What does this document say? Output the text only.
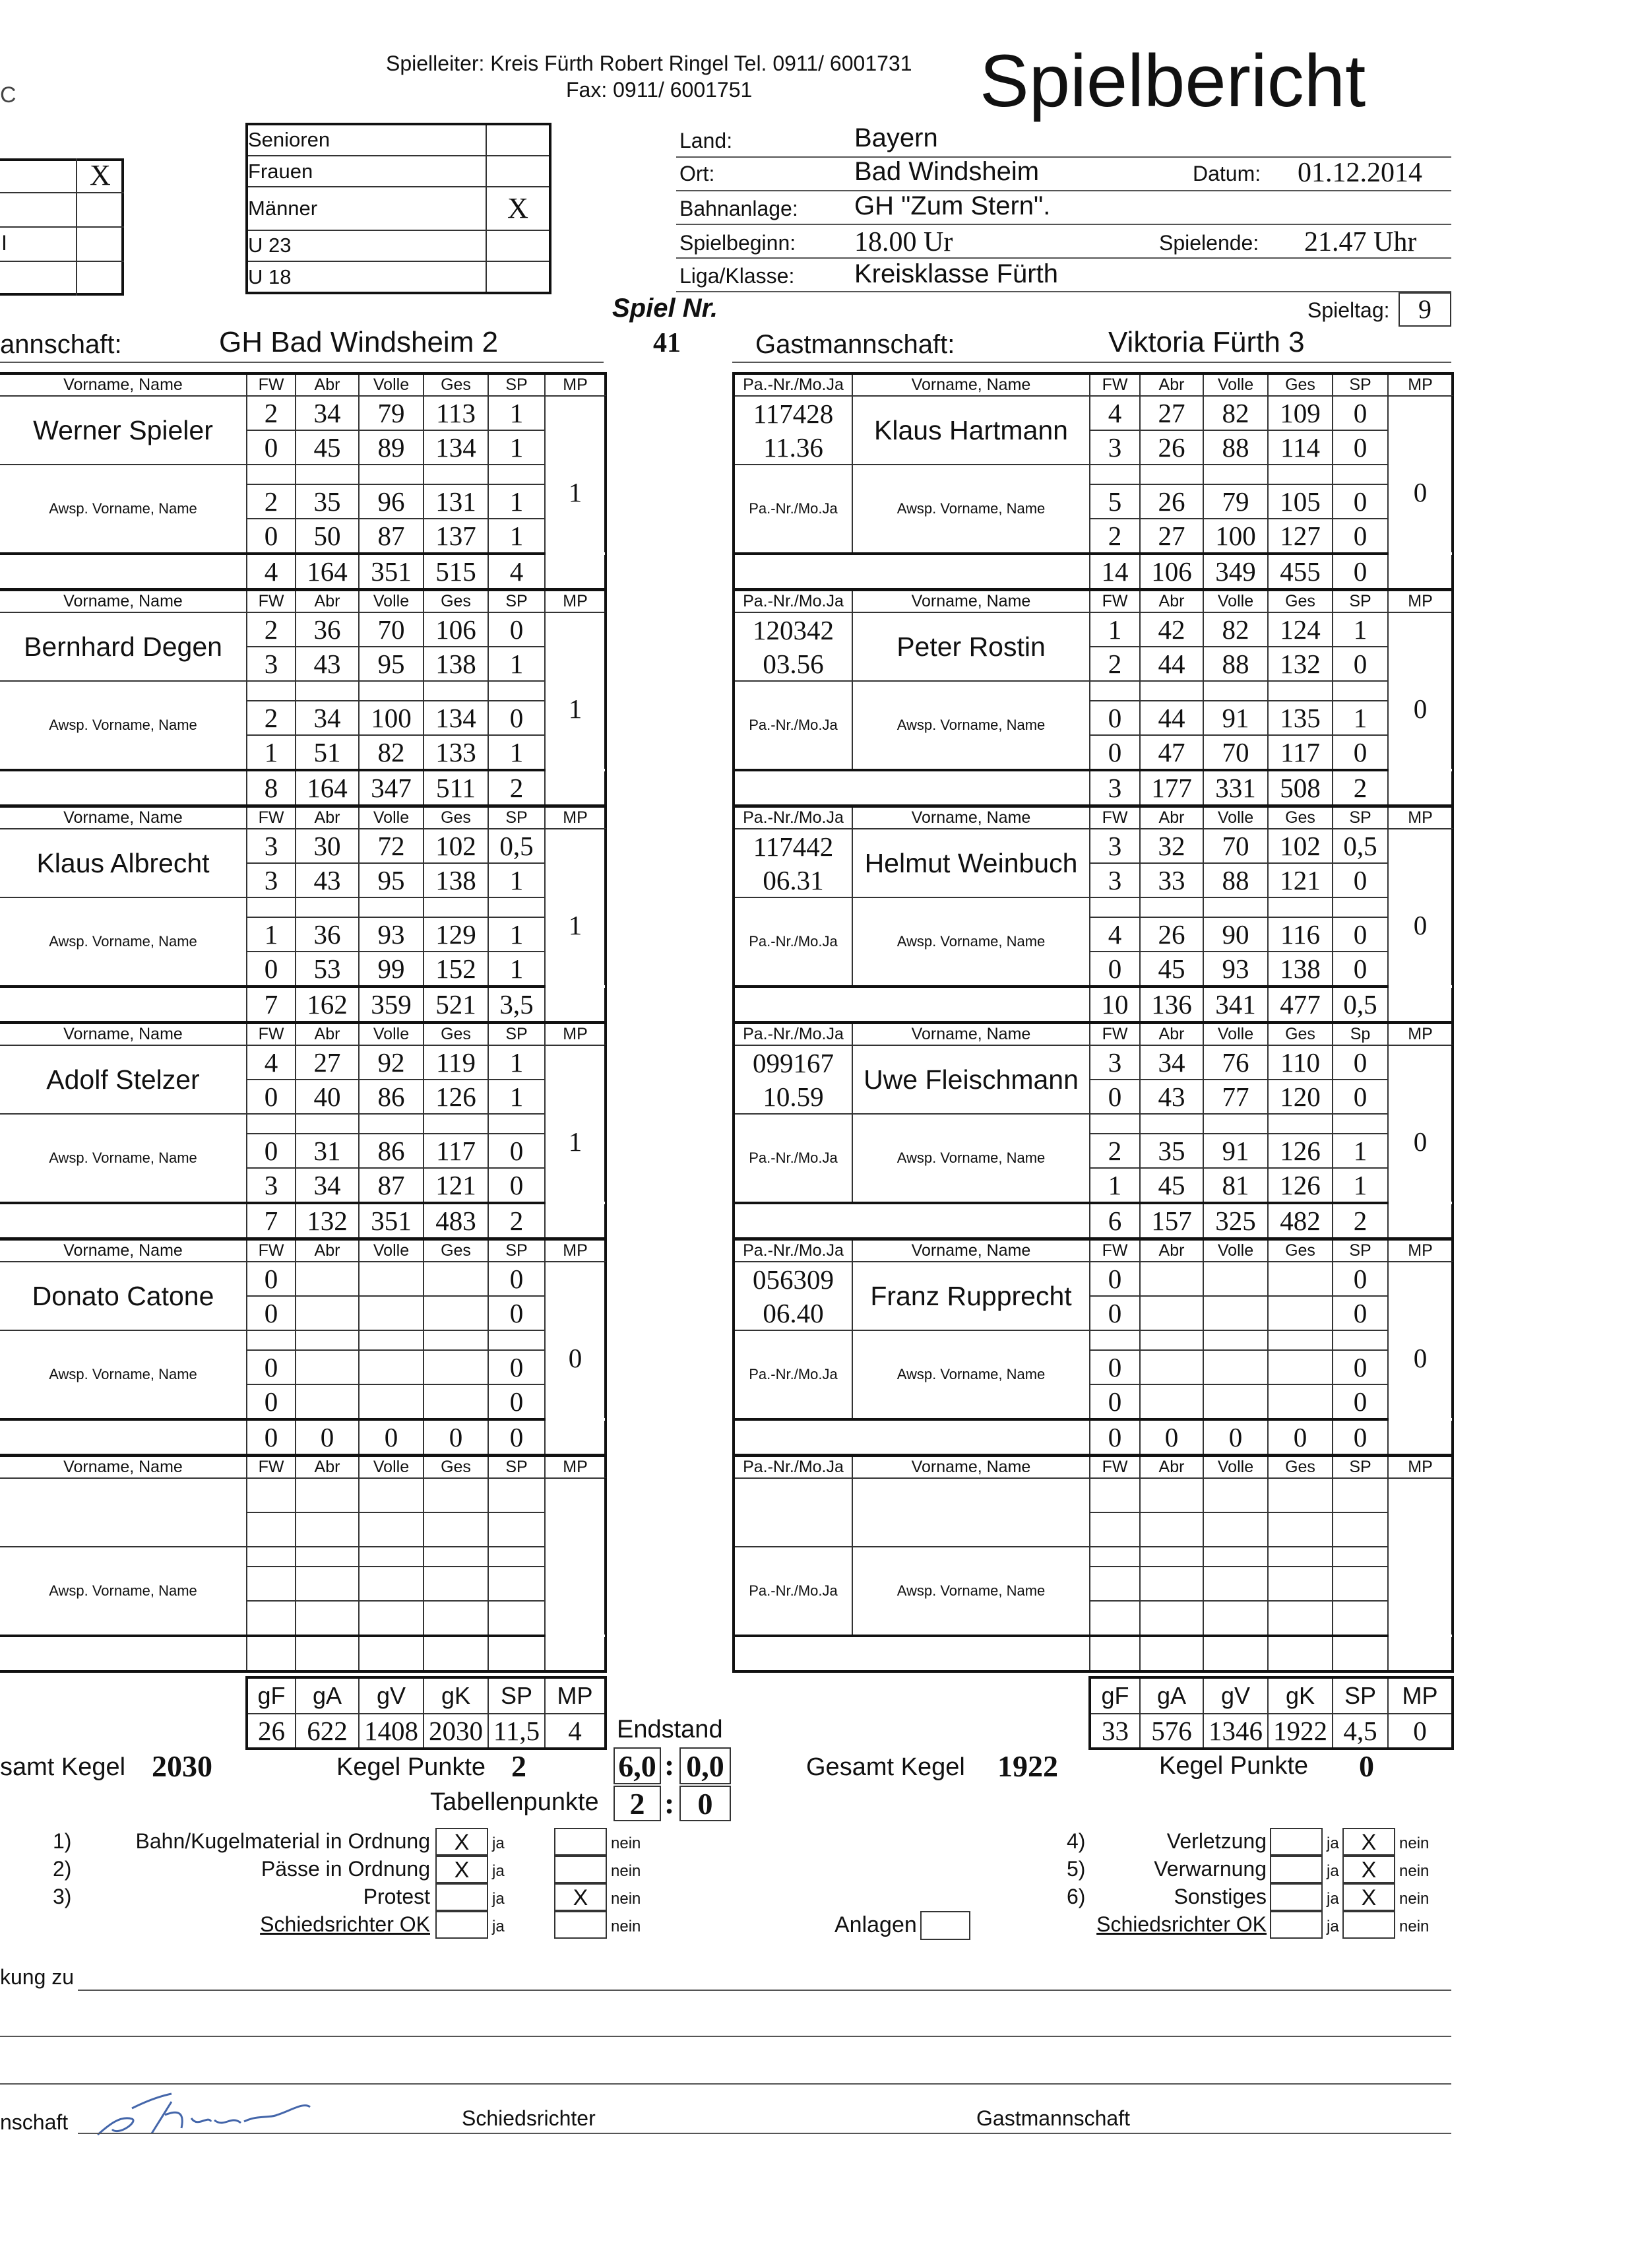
C
Spielleiter: Kreis Fürth Robert Ringel Tel. 0911/ 6001731
Fax: 0911/ 6001751	Spielbericht
X
I
Senioren	
Frauen	
Männer	X
U 23	
U 18	
Land:	Bayern
Ort:	Bad Windsheim	Datum: 01.12.2014
Bahnanlage: GH "Zum Stern".
Spielbeginn: 18.00 Ur	Spielende: 21.47 Uhr
Liga/Klasse: Kreisklasse Fürth
Spiel Nr.
41
Spieltag:	9
annschaft:	GH Bad Windsheim 2	Gastmannschaft:	Viktoria Fürth 3
Vorname, Name	FW	Abr	Volle	Ges	SP	MP	
Werner Spieler	2	34	79	113	1	1	
	0	45	89	134	1		
Awsp. Vorname, Name							
	2	35	96	131	1		
	0	50	87	137	1		
	4	164	351	515	4		
Vorname, Name	FW	Abr	Volle	Ges	SP	MP	
Bernhard Degen	2	36	70	106	0	1	
	3	43	95	138	1		
Awsp. Vorname, Name							
	2	34	100	134	0		
	1	51	82	133	1		
	8	164	347	511	2		
Vorname, Name	FW	Abr	Volle	Ges	SP	MP	
Klaus Albrecht	3	30	72	102	0,5	1	
	3	43	95	138	1		
Awsp. Vorname, Name							
	1	36	93	129	1		
	0	53	99	152	1		
	7	162	359	521	3,5		
Vorname, Name	FW	Abr	Volle	Ges	SP	MP	
Adolf Stelzer	4	27	92	119	1	1	
	0	40	86	126	1		
Awsp. Vorname, Name							
	0	31	86	117	0		
	3	34	87	121	0		
	7	132	351	483	2		
Vorname, Name	FW	Abr	Volle	Ges	SP	MP	
Donato Catone	0				0	0	
	0				0		
Awsp. Vorname, Name							
	0				0		
	0				0		
	0	0	0	0	0		
Vorname, Name	FW	Abr	Volle	Ges	SP	MP	

Awsp. Vorname, Name							

Pa.-Nr./Mo.Ja	Vorname, Name	FW	Abr	Volle	Ges	SP	MP	
117428	Klaus Hartmann	4	27	82	109	0	0	
11.36		3	26	88	114	0		
Pa.-Nr./Mo.Ja	Awsp. Vorname, Name							
		5	26	79	105	0		
		2	27	100	127	0		
		14	106	349	455	0		
Pa.-Nr./Mo.Ja	Vorname, Name	FW	Abr	Volle	Ges	SP	MP	
120342	Peter Rostin	1	42	82	124	1	0	
03.56		2	44	88	132	0		
Pa.-Nr./Mo.Ja	Awsp. Vorname, Name							
		0	44	91	135	1		
		0	47	70	117	0		
		3	177	331	508	2		
Pa.-Nr./Mo.Ja	Vorname, Name	FW	Abr	Volle	Ges	SP	MP	
117442	Helmut Weinbuch	3	32	70	102	0,5	0	
06.31		3	33	88	121	0		
Pa.-Nr./Mo.Ja	Awsp. Vorname, Name							
		4	26	90	116	0		
		0	45	93	138	0		
		10	136	341	477	0,5		
Pa.-Nr./Mo.Ja	Vorname, Name	FW	Abr	Volle	Ges	Sp	MP	
099167	Uwe Fleischmann	3	34	76	110	0	0	
10.59		0	43	77	120	0		
Pa.-Nr./Mo.Ja	Awsp. Vorname, Name							
		2	35	91	126	1		
		1	45	81	126	1		
		6	157	325	482	2		
Pa.-Nr./Mo.Ja	Vorname, Name	FW	Abr	Volle	Ges	SP	MP	
056309	Franz Rupprecht	0				0	0	
06.40		0				0		
Pa.-Nr./Mo.Ja	Awsp. Vorname, Name							
		0				0		
		0				0		
		0	0	0	0	0		
Pa.-Nr./Mo.Ja	Vorname, Name	FW	Abr	Volle	Ges	SP	MP	

Pa.-Nr./Mo.Ja	Awsp. Vorname, Name							

gF	gA	gV	gK	SP	MP
26	622	1408	2030	11,5	4
gF	gA	gV	gK	SP	MP
33	576	1346	1922	4,5	0
Endstand
samt Kegel 2030	Kegel Punkte 2	6,0 : 0,0
Tabellenpunkte	2 : 0
Gesamt Kegel 1922	Kegel Punkte 0
1)	Bahn/Kugelmaterial in Ordnung	X	ja	nein
2)	Pässe in Ordnung	X	ja	nein
3)	Protest	ja	X	nein
Schiedsrichter OK	ja	nein
4)	Verletzung	ja X	nein
5)	Verwarnung	ja X	nein
6)	Sonstiges	ja X	nein
Schiedsrichter OK	ja	nein
Anlagen
kung zu
nschaft	Schiedsrichter	Gastmannschaft
